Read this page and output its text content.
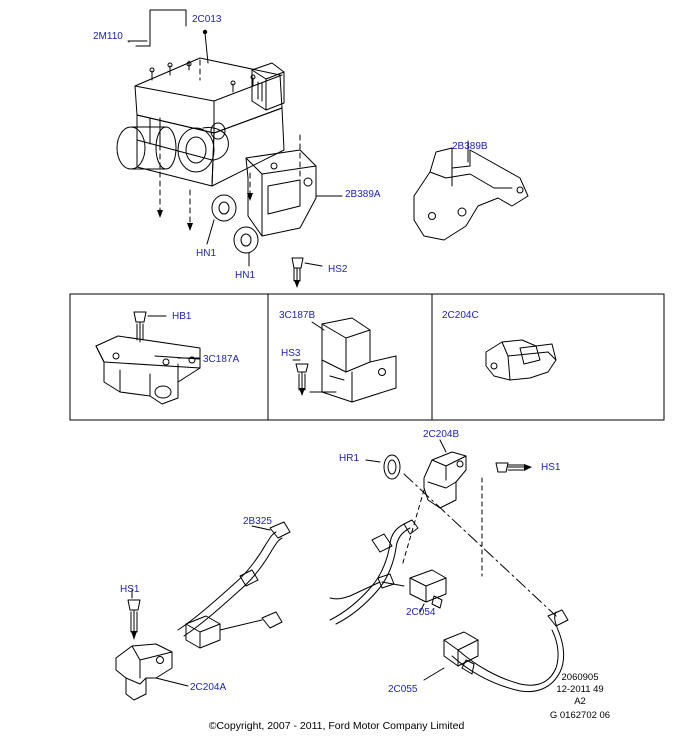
2C013
2M110
2B389B
2B389A
HN1
HN1
HS2
HB1
3C187A
3C187B
HS3
2C204C
2C204B
HR1
HS1
2B325
HS1
2C054
2C204A	2C055
2060905
12-2011 49
A2
G 0162702 06
©Copyright, 2007 - 2011, Ford Motor Company Limited
